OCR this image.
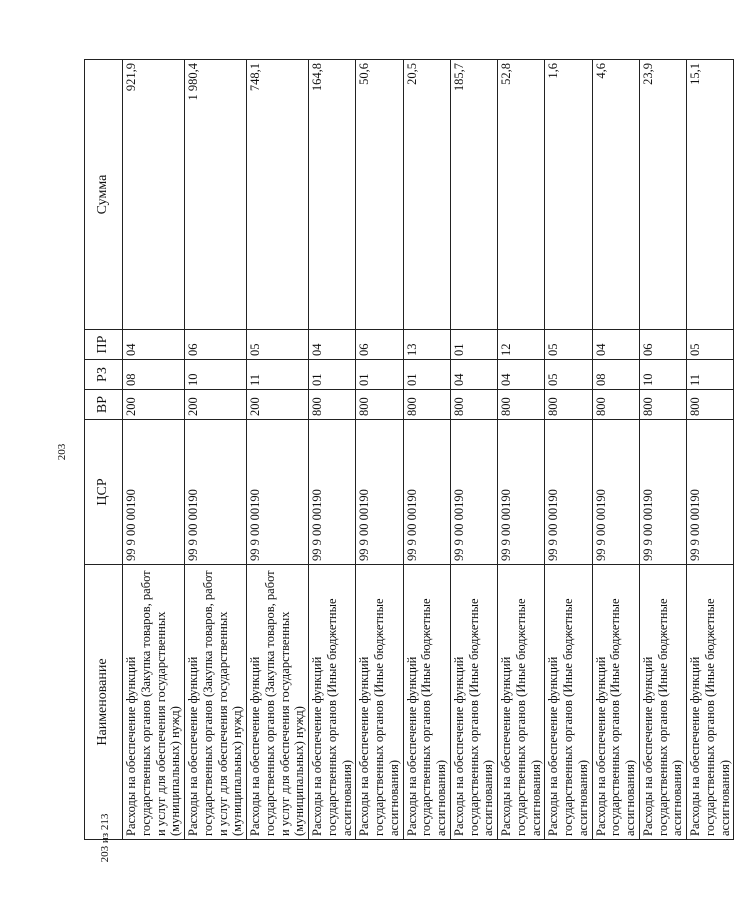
203
Наименование	ЦСР	ВР	РЗ	ПР	Сумма
Расходы на обеспечение функций государственных органов (Закупка товаров, работ и услуг для обеспечения государственных (муниципальных) нужд)	99 9 00 00190	200	08	04	921,9
Расходы на обеспечение функций государственных органов (Закупка товаров, работ и услуг для обеспечения государственных (муниципальных) нужд)	99 9 00 00190	200	10	06	1 980,4
Расходы на обеспечение функций государственных органов (Закупка товаров, работ и услуг для обеспечения государственных (муниципальных) нужд)	99 9 00 00190	200	11	05	748,1
Расходы на обеспечение функций государственных органов (Иные бюджетные ассигнования)	99 9 00 00190	800	01	04	164,8
Расходы на обеспечение функций государственных органов (Иные бюджетные ассигнования)	99 9 00 00190	800	01	06	50,6
Расходы на обеспечение функций государственных органов (Иные бюджетные ассигнования)	99 9 00 00190	800	01	13	20,5
Расходы на обеспечение функций государственных органов (Иные бюджетные ассигнования)	99 9 00 00190	800	04	01	185,7
Расходы на обеспечение функций государственных органов (Иные бюджетные ассигнования)	99 9 00 00190	800	04	12	52,8
Расходы на обеспечение функций государственных органов (Иные бюджетные ассигнования)	99 9 00 00190	800	05	05	1,6
Расходы на обеспечение функций государственных органов (Иные бюджетные ассигнования)	99 9 00 00190	800	08	04	4,6
Расходы на обеспечение функций государственных органов (Иные бюджетные ассигнования)	99 9 00 00190	800	10	06	23,9
Расходы на обеспечение функций государственных органов (Иные бюджетные ассигнования)	99 9 00 00190	800	11	05	15,1
203 из 213
